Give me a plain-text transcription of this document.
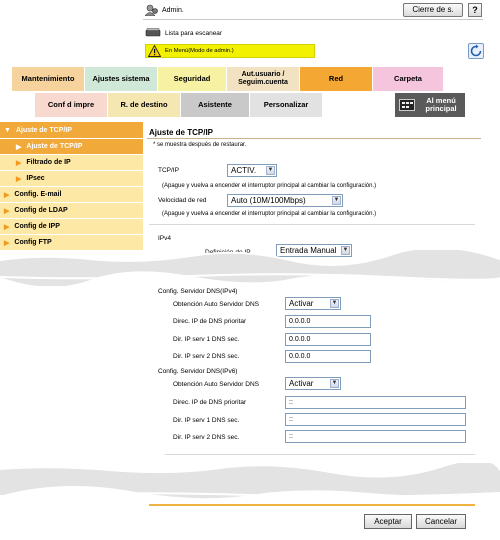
Admin.	Cierre de s.	?
Lista para escanear
En Menú(Modo de admin.)
Mantenimiento Ajustes sistema	Seguridad	Aut.usuario / Seguim.cuenta	Red	Carpeta
Conf d impre	R. de destino	Asistente	Personalizar	Al menú principal
▼ Ajuste de TCP/IP
▶ Ajuste de TCP/IP
▶ Filtrado de IP
▶ IPsec
▶ Config. E-mail
▶ Config de LDAP
▶ Config de IPP
▶ Config FTP
Ajuste de TCP/IP
* se muestra después de restaurar.
TCP/IP	ACTIV. ▼
(Apague y vuelva a encender el interruptor principal al cambiar la configuración.)
Velocidad de red	Auto (10M/100Mbps)	▼
(Apague y vuelva a encender el interruptor principal al cambiar la configuración.)
IPv4
Definición de IP	Entrada Manual ▼
Config. Servidor DNS(IPv4)
Obtención Auto Servidor DNS	Activar	▼
Direc. IP de DNS prioritar	0.0.0.0
Dir. IP serv 1 DNS sec.	0.0.0.0
Dir. IP serv 2 DNS sec.	0.0.0.0
Config. Servidor DNS(IPv6)
Obtención Auto Servidor DNS	Activar	▼
Direc. IP de DNS prioritar	::
Dir. IP serv 1 DNS sec.	::
Dir. IP serv 2 DNS sec.	::
Aceptar	Cancelar
